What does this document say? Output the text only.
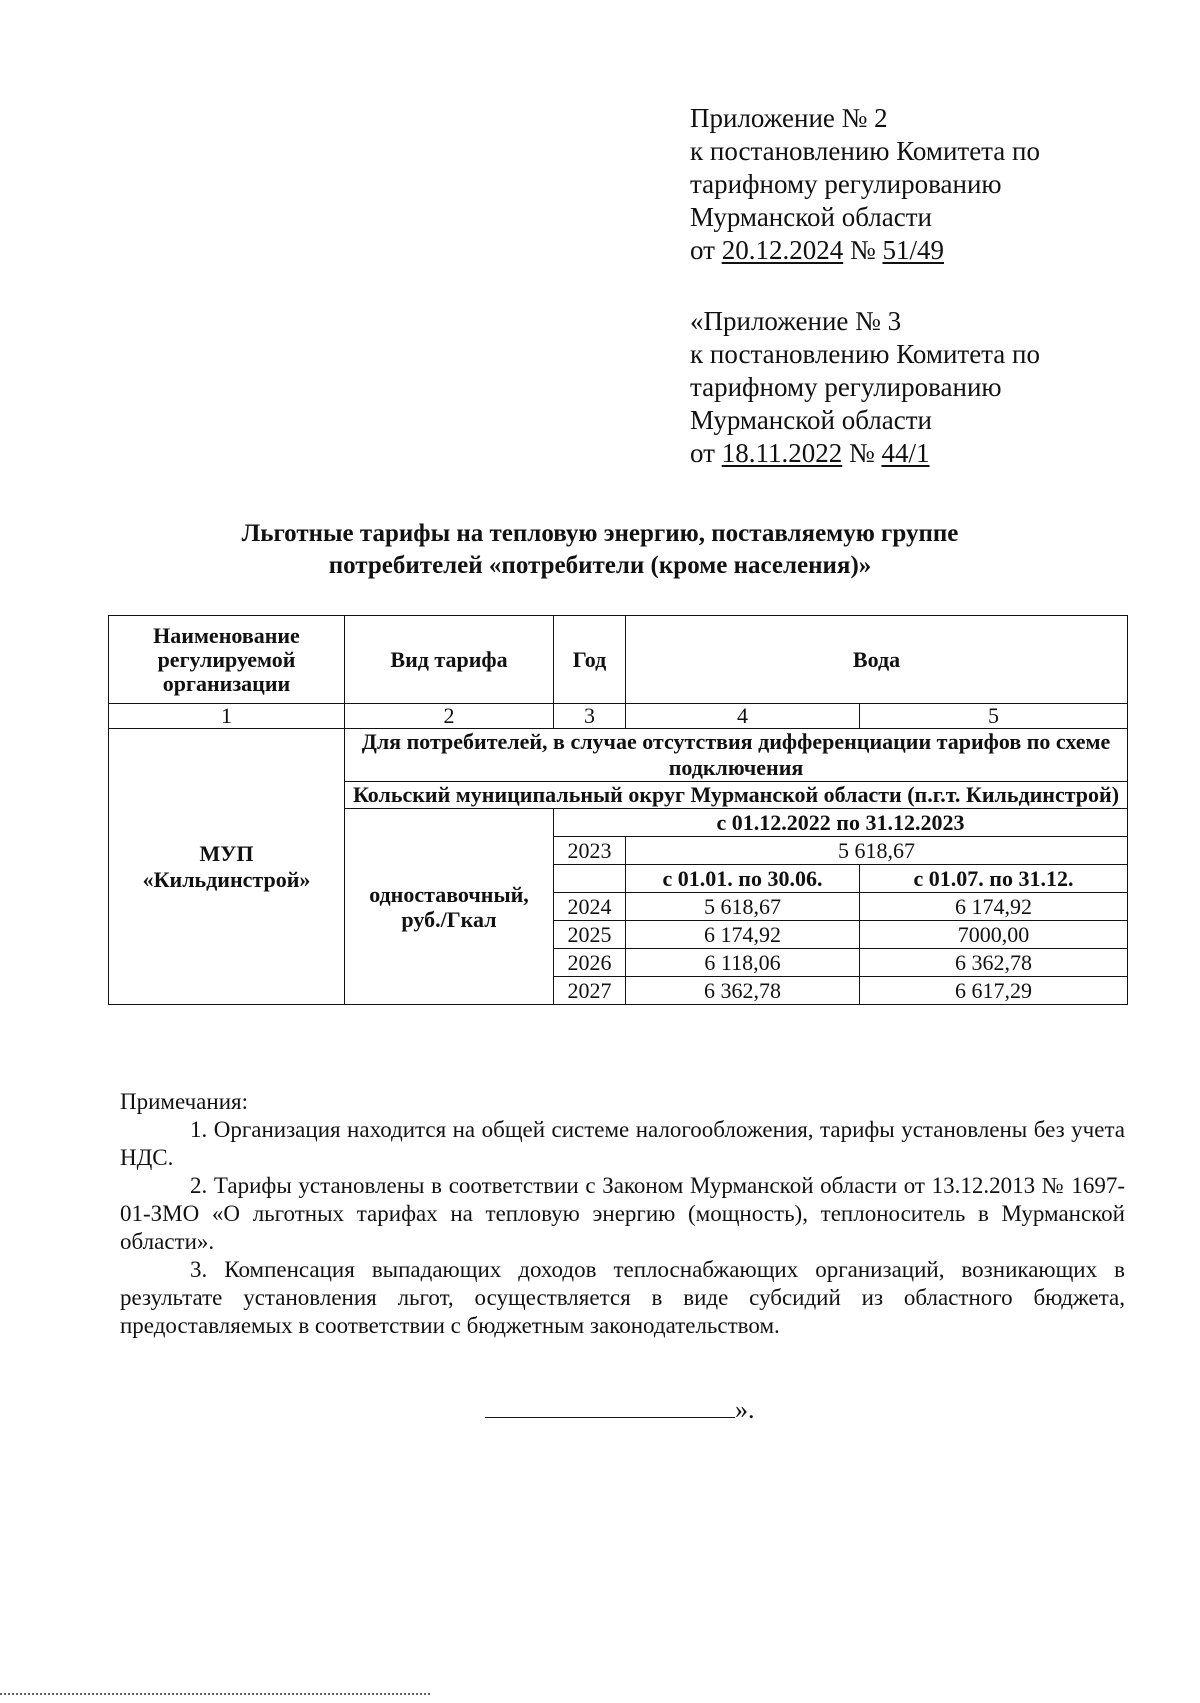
Приложение № 2
к постановлению Комитета по
тарифному регулированию
Мурманской области
от 20.12.2024 № 51/49
«Приложение № 3
к постановлению Комитета по
тарифному регулированию
Мурманской области
от 18.11.2022 № 44/1
Льготные тарифы на тепловую энергию, поставляемую группе
потребителей «потребители (кроме населения)»
Наименование регулируемой организации	Вид тарифа	Год	Вода	
1	2	3	4	5
МУП «Кильдинстрой»	Для потребителей, в случае отсутствия дифференциации тарифов по схеме подключения			
	Кольский муниципальный округ Мурманской области (п.г.т. Кильдинстрой)			
	одноставочный, руб./Гкал	с 01.12.2022 по 31.12.2023		
		2023	5 618,67	
			с 01.01. по 30.06.	с 01.07. по 31.12.
		2024	5 618,67	6 174,92
		2025	6 174,92	7000,00
		2026	6 118,06	6 362,78
		2027	6 362,78	6 617,29

Примечания:

1. Организация находится на общей системе налогообложения, тарифы установлены без учета НДС.

2. Тарифы установлены в соответствии с Законом Мурманской области от 13.12.2013 № 1697-01-ЗМО «О льготных тарифах на тепловую энергию (мощность), теплоноситель в Мурманской области».

3. Компенсация выпадающих доходов теплоснабжающих организаций, возникающих в результате установления льгот, осуществляется в виде субсидий из областного бюджета, предоставляемых в соответствии с бюджетным законодательством.

».
